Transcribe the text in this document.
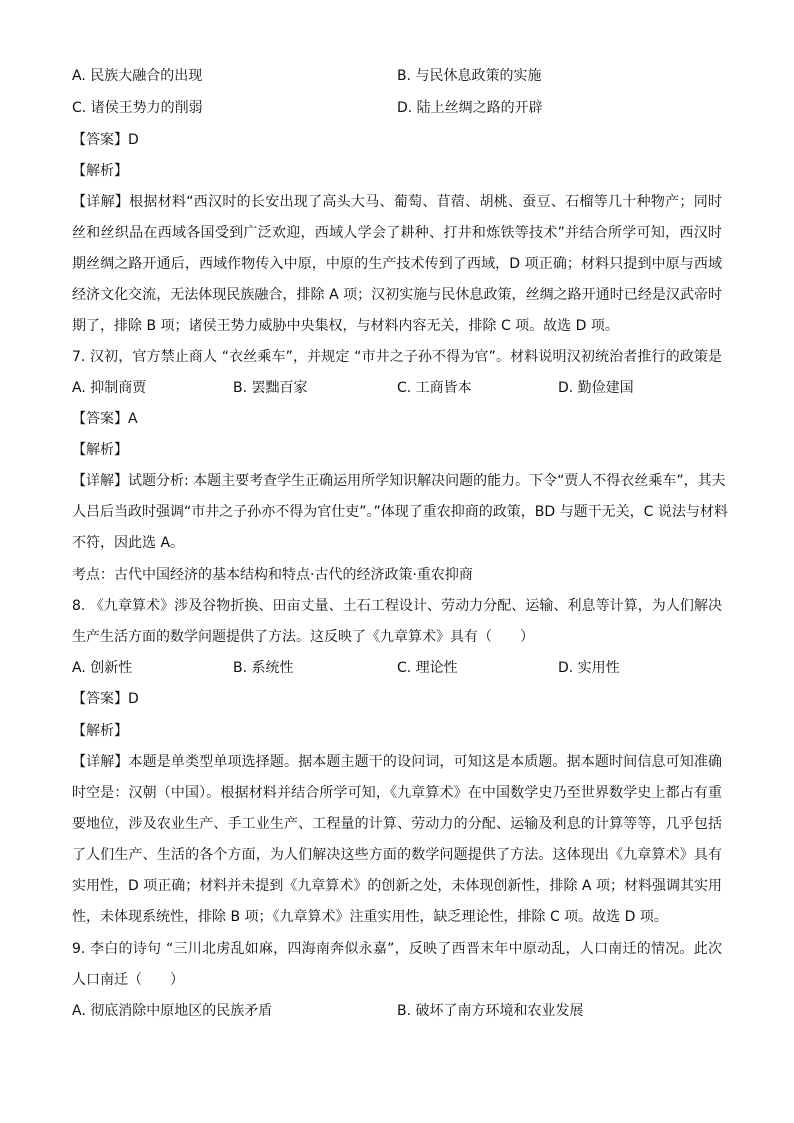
A. 民族大融合的出现	B. 与民休息政策的实施
C. 诸侯王势力的削弱	D. 陆上丝绸之路的开辟
【答案】D
【解析】
【详解】根据材料“西汉时的长安出现了高头大马、葡萄、苜蓿、胡桃、蚕豆、石榴等几十种物产；同时
丝和丝织品在西域各国受到广泛欢迎，西域人学会了耕种、打井和炼铁等技术”并结合所学可知，西汉时
期丝绸之路开通后，西域作物传入中原，中原的生产技术传到了西域，D 项正确；材料只提到中原与西域
经济文化交流，无法体现民族融合，排除 A 项；汉初实施与民休息政策，丝绸之路开通时已经是汉武帝时
期了，排除 B 项；诸侯王势力威胁中央集权，与材料内容无关，排除 C 项。故选 D 项。
7. 汉初，官方禁止商人 “衣丝乘车”，并规定 “市井之子孙不得为官”。材料说明汉初统治者推行的政策是
A. 抑制商贾	B. 罢黜百家	C. 工商皆本	D. 勤俭建国
【答案】A
【解析】
【详解】试题分析: 本题主要考查学生正确运用所学知识解决问题的能力。下令“贾人不得衣丝乘车”，其夫
人吕后当政时强调“市井之子孙亦不得为官仕吏”。”体现了重农抑商的政策，BD 与题干无关，C 说法与材料
不符，因此选 A。
考点：古代中国经济的基本结构和特点·古代的经济政策·重农抑商
8. 《九章算术》涉及谷物折换、田亩丈量、土石工程设计、劳动力分配、运输、利息等计算，为人们解决
生产生活方面的数学问题提供了方法。这反映了《九章算术》具有（　　）
A. 创新性	B. 系统性	C. 理论性	D. 实用性
【答案】D
【解析】
【详解】本题是单类型单项选择题。据本题主题干的设问词，可知这是本质题。据本题时间信息可知准确
时空是：汉朝（中国）。根据材料并结合所学可知，《九章算术》在中国数学史乃至世界数学史上都占有重
要地位，涉及农业生产、手工业生产、工程量的计算、劳动力的分配、运输及利息的计算等等，几乎包括
了人们生产、生活的各个方面，为人们解决这些方面的数学问题提供了方法。这体现出《九章算术》具有
实用性，D 项正确；材料并未提到《九章算术》的创新之处，未体现创新性，排除 A 项；材料强调其实用
性，未体现系统性，排除 B 项；《九章算术》注重实用性，缺乏理论性，排除 C 项。故选 D 项。
9. 李白的诗句 “三川北虏乱如麻，四海南奔似永嘉”，反映了西晋末年中原动乱，人口南迁的情况。此次
人口南迁（　　）
A. 彻底消除中原地区的民族矛盾	B. 破坏了南方环境和农业发展
